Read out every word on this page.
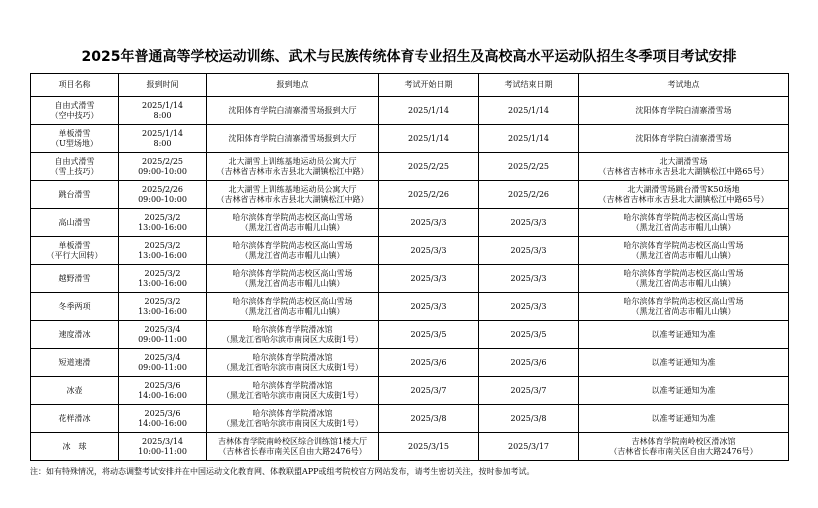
2025年普通高等学校运动训练、武术与民族传统体育专业招生及高校高水平运动队招生冬季项目考试安排
项目名称	报到时间	报到地点	考试开始日期	考试结束日期	考试地点

自由式滑雪
（空中技巧）	2025/1/14
8:00	沈阳体育学院白清寨滑雪场报到大厅	2025/1/14	2025/1/14	沈阳体育学院白清寨滑雪场

单板滑雪
（U型场地）	2025/1/14
8:00	沈阳体育学院白清寨滑雪场报到大厅	2025/1/14	2025/1/14	沈阳体育学院白清寨滑雪场

自由式滑雪
（雪上技巧）	2025/2/25
09:00-10:00	北大湖雪上训练基地运动员公寓大厅
（吉林省吉林市永吉县北大湖镇松江中路）	2025/2/25	2025/2/25	北大湖滑雪场
（吉林省吉林市永吉县北大湖镇松江中路65号）

跳台滑雪	2025/2/26
09:00-10:00	北大湖雪上训练基地运动员公寓大厅
（吉林省吉林市永吉县北大湖镇松江中路）	2025/2/26	2025/2/26	北大湖滑雪场跳台滑雪K50场地
（吉林省吉林市永吉县北大湖镇松江中路65号）

高山滑雪	2025/3/2
13:00-16:00	哈尔滨体育学院尚志校区高山雪场
（黑龙江省尚志市帽儿山镇）	2025/3/3	2025/3/3	哈尔滨体育学院尚志校区高山雪场
（黑龙江省尚志市帽儿山镇）

单板滑雪
（平行大回转）	2025/3/2
13:00-16:00	哈尔滨体育学院尚志校区高山雪场
（黑龙江省尚志市帽儿山镇）	2025/3/3	2025/3/3	哈尔滨体育学院尚志校区高山雪场
（黑龙江省尚志市帽儿山镇）

越野滑雪	2025/3/2
13:00-16:00	哈尔滨体育学院尚志校区高山雪场
（黑龙江省尚志市帽儿山镇）	2025/3/3	2025/3/3	哈尔滨体育学院尚志校区高山雪场
（黑龙江省尚志市帽儿山镇）

冬季两项	2025/3/2
13:00-16:00	哈尔滨体育学院尚志校区高山雪场
（黑龙江省尚志市帽儿山镇）	2025/3/3	2025/3/3	哈尔滨体育学院尚志校区高山雪场
（黑龙江省尚志市帽儿山镇）

速度滑冰	2025/3/4
09:00-11:00	哈尔滨体育学院滑冰馆
（黑龙江省哈尔滨市南岗区大成街1号）	2025/3/5	2025/3/5	以准考证通知为准

短道速滑	2025/3/4
09:00-11:00	哈尔滨体育学院滑冰馆
（黑龙江省哈尔滨市南岗区大成街1号）	2025/3/6	2025/3/6	以准考证通知为准

冰壶	2025/3/6
14:00-16:00	哈尔滨体育学院滑冰馆
（黑龙江省哈尔滨市南岗区大成街1号）	2025/3/7	2025/3/7	以准考证通知为准

花样滑冰	2025/3/6
14:00-16:00	哈尔滨体育学院滑冰馆
（黑龙江省哈尔滨市南岗区大成街1号）	2025/3/8	2025/3/8	以准考证通知为准

冰　球	2025/3/14
10:00-11:00	吉林体育学院南岭校区综合训练馆1楼大厅
（吉林省长春市南关区自由大路2476号）	2025/3/15	2025/3/17	吉林体育学院南岭校区滑冰馆
（吉林省长春市南关区自由大路2476号）
注：如有特殊情况，将动态调整考试安排并在中国运动文化教育网、体教联盟APP或组考院校官方网站发布，请考生密切关注，按时参加考试。
